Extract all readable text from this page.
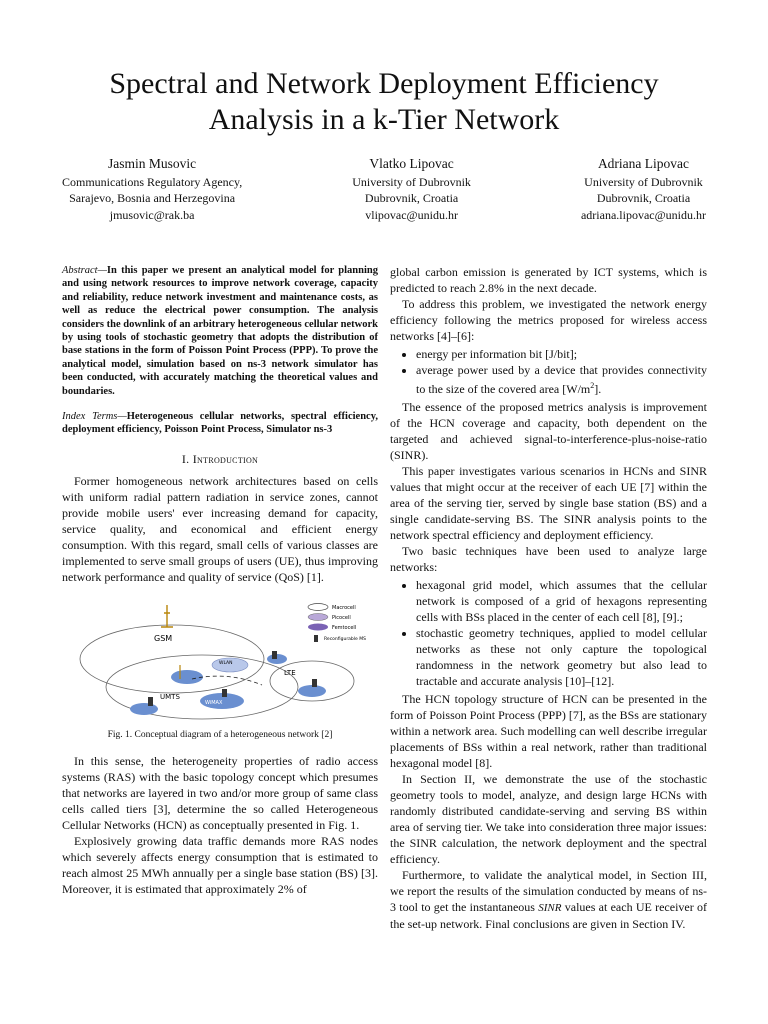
Spectral and Network Deployment Efficiency
Analysis in a k-Tier Network
Jasmin Musovic
Communications Regulatory Agency,
Sarajevo, Bosnia and Herzegovina
jmusovic@rak.ba
Vlatko Lipovac
University of Dubrovnik
Dubrovnik, Croatia
vlipovac@unidu.hr
Adriana Lipovac
University of Dubrovnik
Dubrovnik, Croatia
adriana.lipovac@unidu.hr
Abstract—In this paper we present an analytical model for planning and using network resources to improve network coverage, capacity and reliability, reduce network investment and maintenance costs, as well as reduce the electrical power consumption. The analysis considers the downlink of an arbitrary heterogeneous cellular network by using tools of stochastic geometry that adopts the distribution of base stations in the form of Poisson Point Process (PPP). To prove the analytical model, simulation based on ns-3 network simulator has been conducted, with accurately matching the theoretical values and boundaries.
Index Terms—Heterogeneous cellular networks, spectral efficiency, deployment efficiency, Poisson Point Process, Simulator ns-3
I. Introduction

Former homogeneous network architectures based on cells with uniform radial pattern radiation in service zones, cannot provide mobile users' ever increasing demand for capacity, service quality, and economical and efficient energy consumption. With this regard, small cells of various classes are implemented to serve small groups of users (UE), thus improving network performance and quality of service (QoS) [1].

Macrocell
Picocell
Femtocell
Reconfigurable MS
GSM
LTE
UMTS
WiMAX
WLAN
Fig. 1. Conceptual diagram of a heterogeneous network [2]

In this sense, the heterogeneity properties of radio access systems (RAS) with the basic topology concept which presumes that networks are layered in two and/or more group of same class cells called tiers [3], determine the so called Heterogeneous Cellular Networks (HCN) as conceptually presented in Fig. 1.

Explosively growing data traffic demands more RAS nodes which severely affects energy consumption that is estimated to reach almost 25 MWh annually per a single base station (BS) [3]. Moreover, it is estimated that approximately 2% of

global carbon emission is generated by ICT systems, which is predicted to reach 2.8% in the next decade.

To address this problem, we investigated the network energy efficiency following the metrics proposed for wireless access networks [4]–[6]:

• energy per information bit [J/bit];
• average power used by a device that provides connectivity to the size of the covered area $[W/m^2]$.

The essence of the proposed metrics analysis is improvement of the HCN coverage and capacity, both dependent on the targeted and achieved signal-to-interference-plus-noise-ratio (SINR).

This paper investigates various scenarios in HCNs and SINR values that might occur at the receiver of each UE [7] within the area of the serving tier, served by single base station (BS) and a single candidate-serving BS. The SINR analysis points to the network spectral efficiency and deployment efficiency.

Two basic techniques have been used to analyze large networks:

• hexagonal grid model, which assumes that the cellular network is composed of a grid of hexagons representing cells with BSs placed in the center of each cell [8], [9].;
• stochastic geometry techniques, applied to model cellular networks as these not only capture the topological randomness in the network geometry but also lead to tractable and accurate analysis [10]–[12].

The HCN topology structure of HCN can be presented in the form of Poisson Point Process (PPP) [7], as the BSs are stationary within a network area. Such modelling can well describe irregular placements of BSs within a real network, rather than traditional hexagonal model [8].

In Section II, we demonstrate the use of the stochastic geometry tools to model, analyze, and design large HCNs with randomly distributed candidate-serving and serving BS within area of serving tier. We take into consideration three major issues: the SINR calculation, the network deployment and the spectral efficiency.

Furthermore, to validate the analytical model, in Section III, we report the results of the simulation conducted by means of ns-3 tool to get the instantaneous SINR values at each UE receiver of the set-up network. Final conclusions are given in Section IV.
